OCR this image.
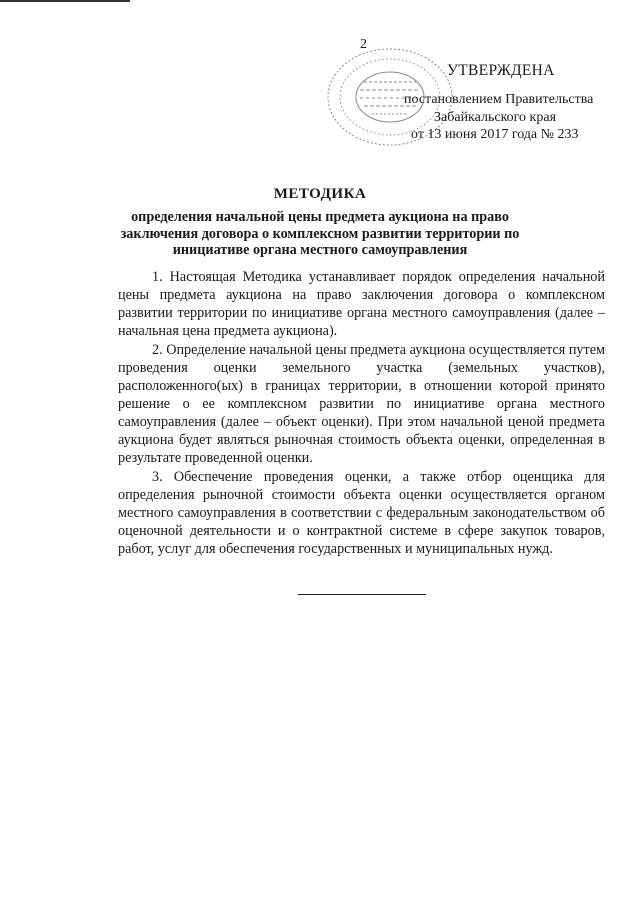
2
УТВЕРЖДЕНА
постановлением Правительства
Забайкальского края
от 13 июня 2017 года № 233
МЕТОДИКА
определения начальной цены предмета аукциона на право заключения договора о комплексном развитии территории по инициативе органа местного самоуправления

1. Настоящая Методика устанавливает порядок определения начальной цены предмета аукциона на право заключения договора о комплексном развитии территории по инициативе органа местного самоуправления (далее – начальная цена предмета аукциона).

2. Определение начальной цены предмета аукциона осуществляется путем проведения оценки земельного участка (земельных участков), расположенного(ых) в границах территории, в отношении которой принято решение о ее комплексном развитии по инициативе органа местного самоуправления (далее – объект оценки). При этом начальной ценой предмета аукциона будет являться рыночная стоимость объекта оценки, определенная в результате проведенной оценки.

3. Обеспечение проведения оценки, а также отбор оценщика для определения рыночной стоимости объекта оценки осуществляется органом местного самоуправления в соответствии с федеральным законодательством об оценочной деятельности и о контрактной системе в сфере закупок товаров, работ, услуг для обеспечения государственных и муниципальных нужд.
